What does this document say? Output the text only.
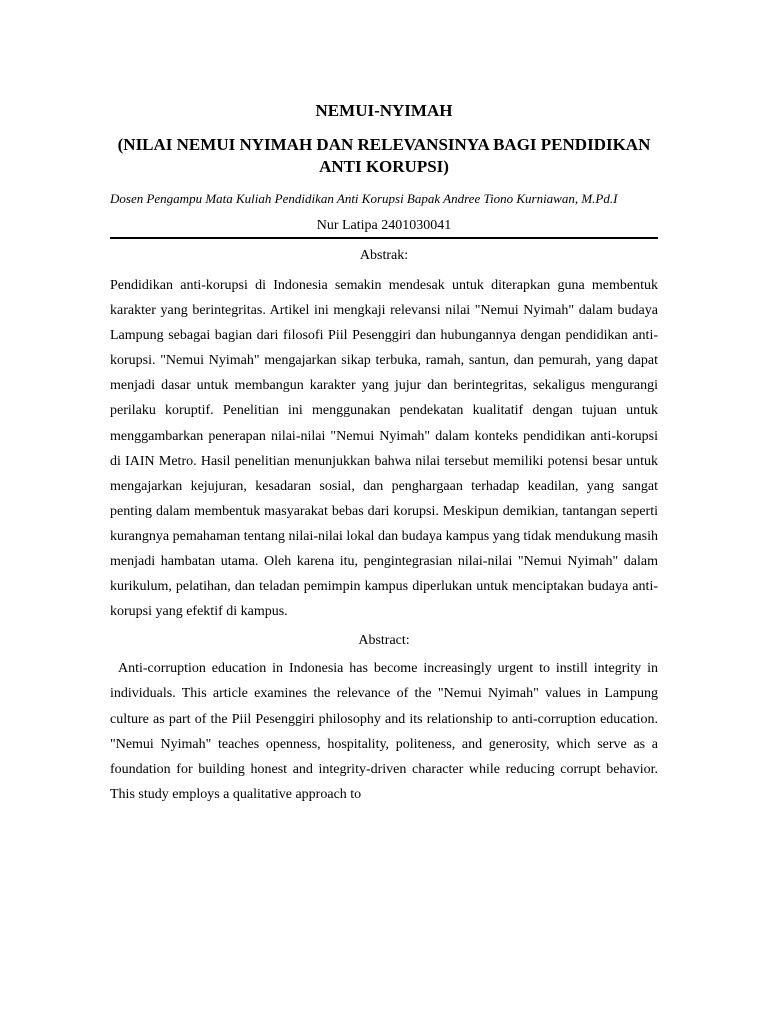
NEMUI-NYIMAH
(NILAI NEMUI NYIMAH DAN RELEVANSINYA BAGI PENDIDIKAN ANTI KORUPSI)

Dosen Pengampu Mata Kuliah Pendidikan Anti Korupsi Bapak Andree Tiono Kurniawan, M.Pd.I

Nur Latipa 2401030041

Abstrak:

Pendidikan anti-korupsi di Indonesia semakin mendesak untuk diterapkan guna membentuk karakter yang berintegritas. Artikel ini mengkaji relevansi nilai "Nemui Nyimah" dalam budaya Lampung sebagai bagian dari filosofi Piil Pesenggiri dan hubungannya dengan pendidikan anti-korupsi. "Nemui Nyimah" mengajarkan sikap terbuka, ramah, santun, dan pemurah, yang dapat menjadi dasar untuk membangun karakter yang jujur dan berintegritas, sekaligus mengurangi perilaku koruptif. Penelitian ini menggunakan pendekatan kualitatif dengan tujuan untuk menggambarkan penerapan nilai-nilai "Nemui Nyimah" dalam konteks pendidikan anti-korupsi di IAIN Metro. Hasil penelitian menunjukkan bahwa nilai tersebut memiliki potensi besar untuk mengajarkan kejujuran, kesadaran sosial, dan penghargaan terhadap keadilan, yang sangat penting dalam membentuk masyarakat bebas dari korupsi. Meskipun demikian, tantangan seperti kurangnya pemahaman tentang nilai-nilai lokal dan budaya kampus yang tidak mendukung masih menjadi hambatan utama. Oleh karena itu, pengintegrasian nilai-nilai "Nemui Nyimah" dalam kurikulum, pelatihan, dan teladan pemimpin kampus diperlukan untuk menciptakan budaya anti-korupsi yang efektif di kampus.

Abstract:

Anti-corruption education in Indonesia has become increasingly urgent to instill integrity in individuals. This article examines the relevance of the "Nemui Nyimah" values in Lampung culture as part of the Piil Pesenggiri philosophy and its relationship to anti-corruption education. "Nemui Nyimah" teaches openness, hospitality, politeness, and generosity, which serve as a foundation for building honest and integrity-driven character while reducing corrupt behavior. This study employs a qualitative approach to
